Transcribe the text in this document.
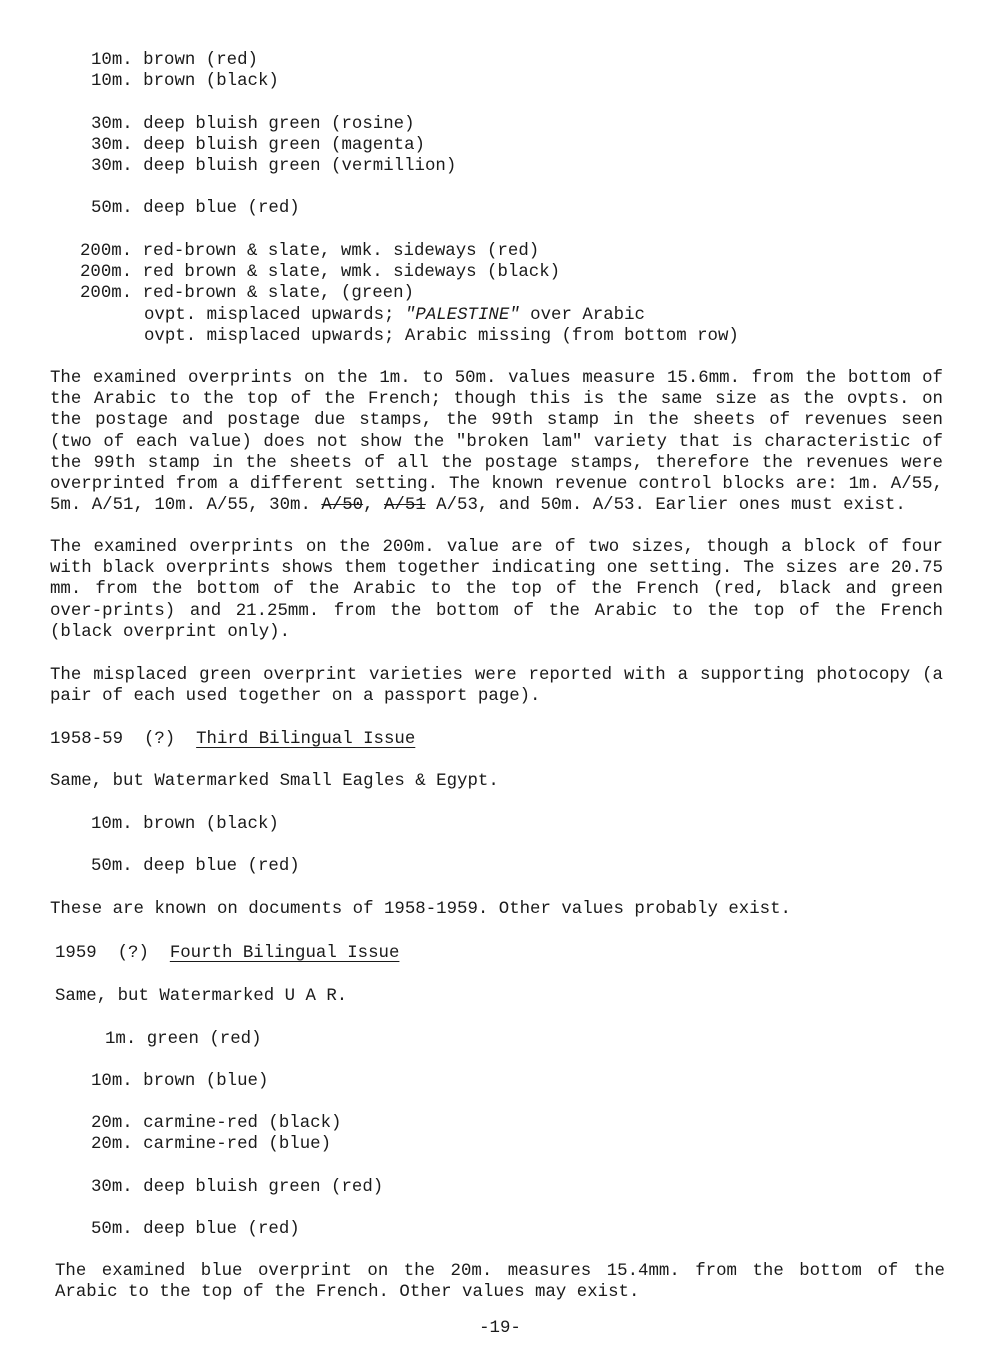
10m. brown (red)
10m. brown (black)
30m. deep bluish green (rosine)
30m. deep bluish green (magenta)
30m. deep bluish green (vermillion)
50m. deep blue (red)
200m. red-brown & slate, wmk. sideways (red)
200m. red brown & slate, wmk. sideways (black)
200m. red-brown & slate, (green)
ovpt. misplaced upwards; "PALESTINE" over Arabic
ovpt. misplaced upwards; Arabic missing (from bottom row)
The examined overprints on the 1m. to 50m. values measure 15.6mm. from the bottom of the Arabic to the top of the French; though this is the same size as the ovpts. on the postage and postage due stamps, the 99th stamp in the sheets of revenues seen (two of each value) does not show the "broken lam" variety that is characteristic of the 99th stamp in the sheets of all the postage stamps, therefore the revenues were overprinted from a different setting. The known revenue control blocks are: 1m. A/55, 5m. A/51, 10m. A/55, 30m. A/50, A/51 A/53, and 50m. A/53. Earlier ones must exist.
The examined overprints on the 200m. value are of two sizes, though a block of four with black overprints shows them together indicating one setting. The sizes are 20.75 mm. from the bottom of the Arabic to the top of the French (red, black and green over-prints) and 21.25mm. from the bottom of the Arabic to the top of the French (black overprint only).
The misplaced green overprint varieties were reported with a supporting photocopy (a pair of each used together on a passport page).
1958-59 (?) Third Bilingual Issue
Same, but Watermarked Small Eagles & Egypt.
10m. brown (black)
50m. deep blue (red)
These are known on documents of 1958-1959. Other values probably exist.
1959 (?) Fourth Bilingual Issue
Same, but Watermarked U A R.
1m. green (red)
10m. brown (blue)
20m. carmine-red (black)
20m. carmine-red (blue)
30m. deep bluish green (red)
50m. deep blue (red)
The examined blue overprint on the 20m. measures 15.4mm. from the bottom of the Arabic to the top of the French. Other values may exist.
-19-
